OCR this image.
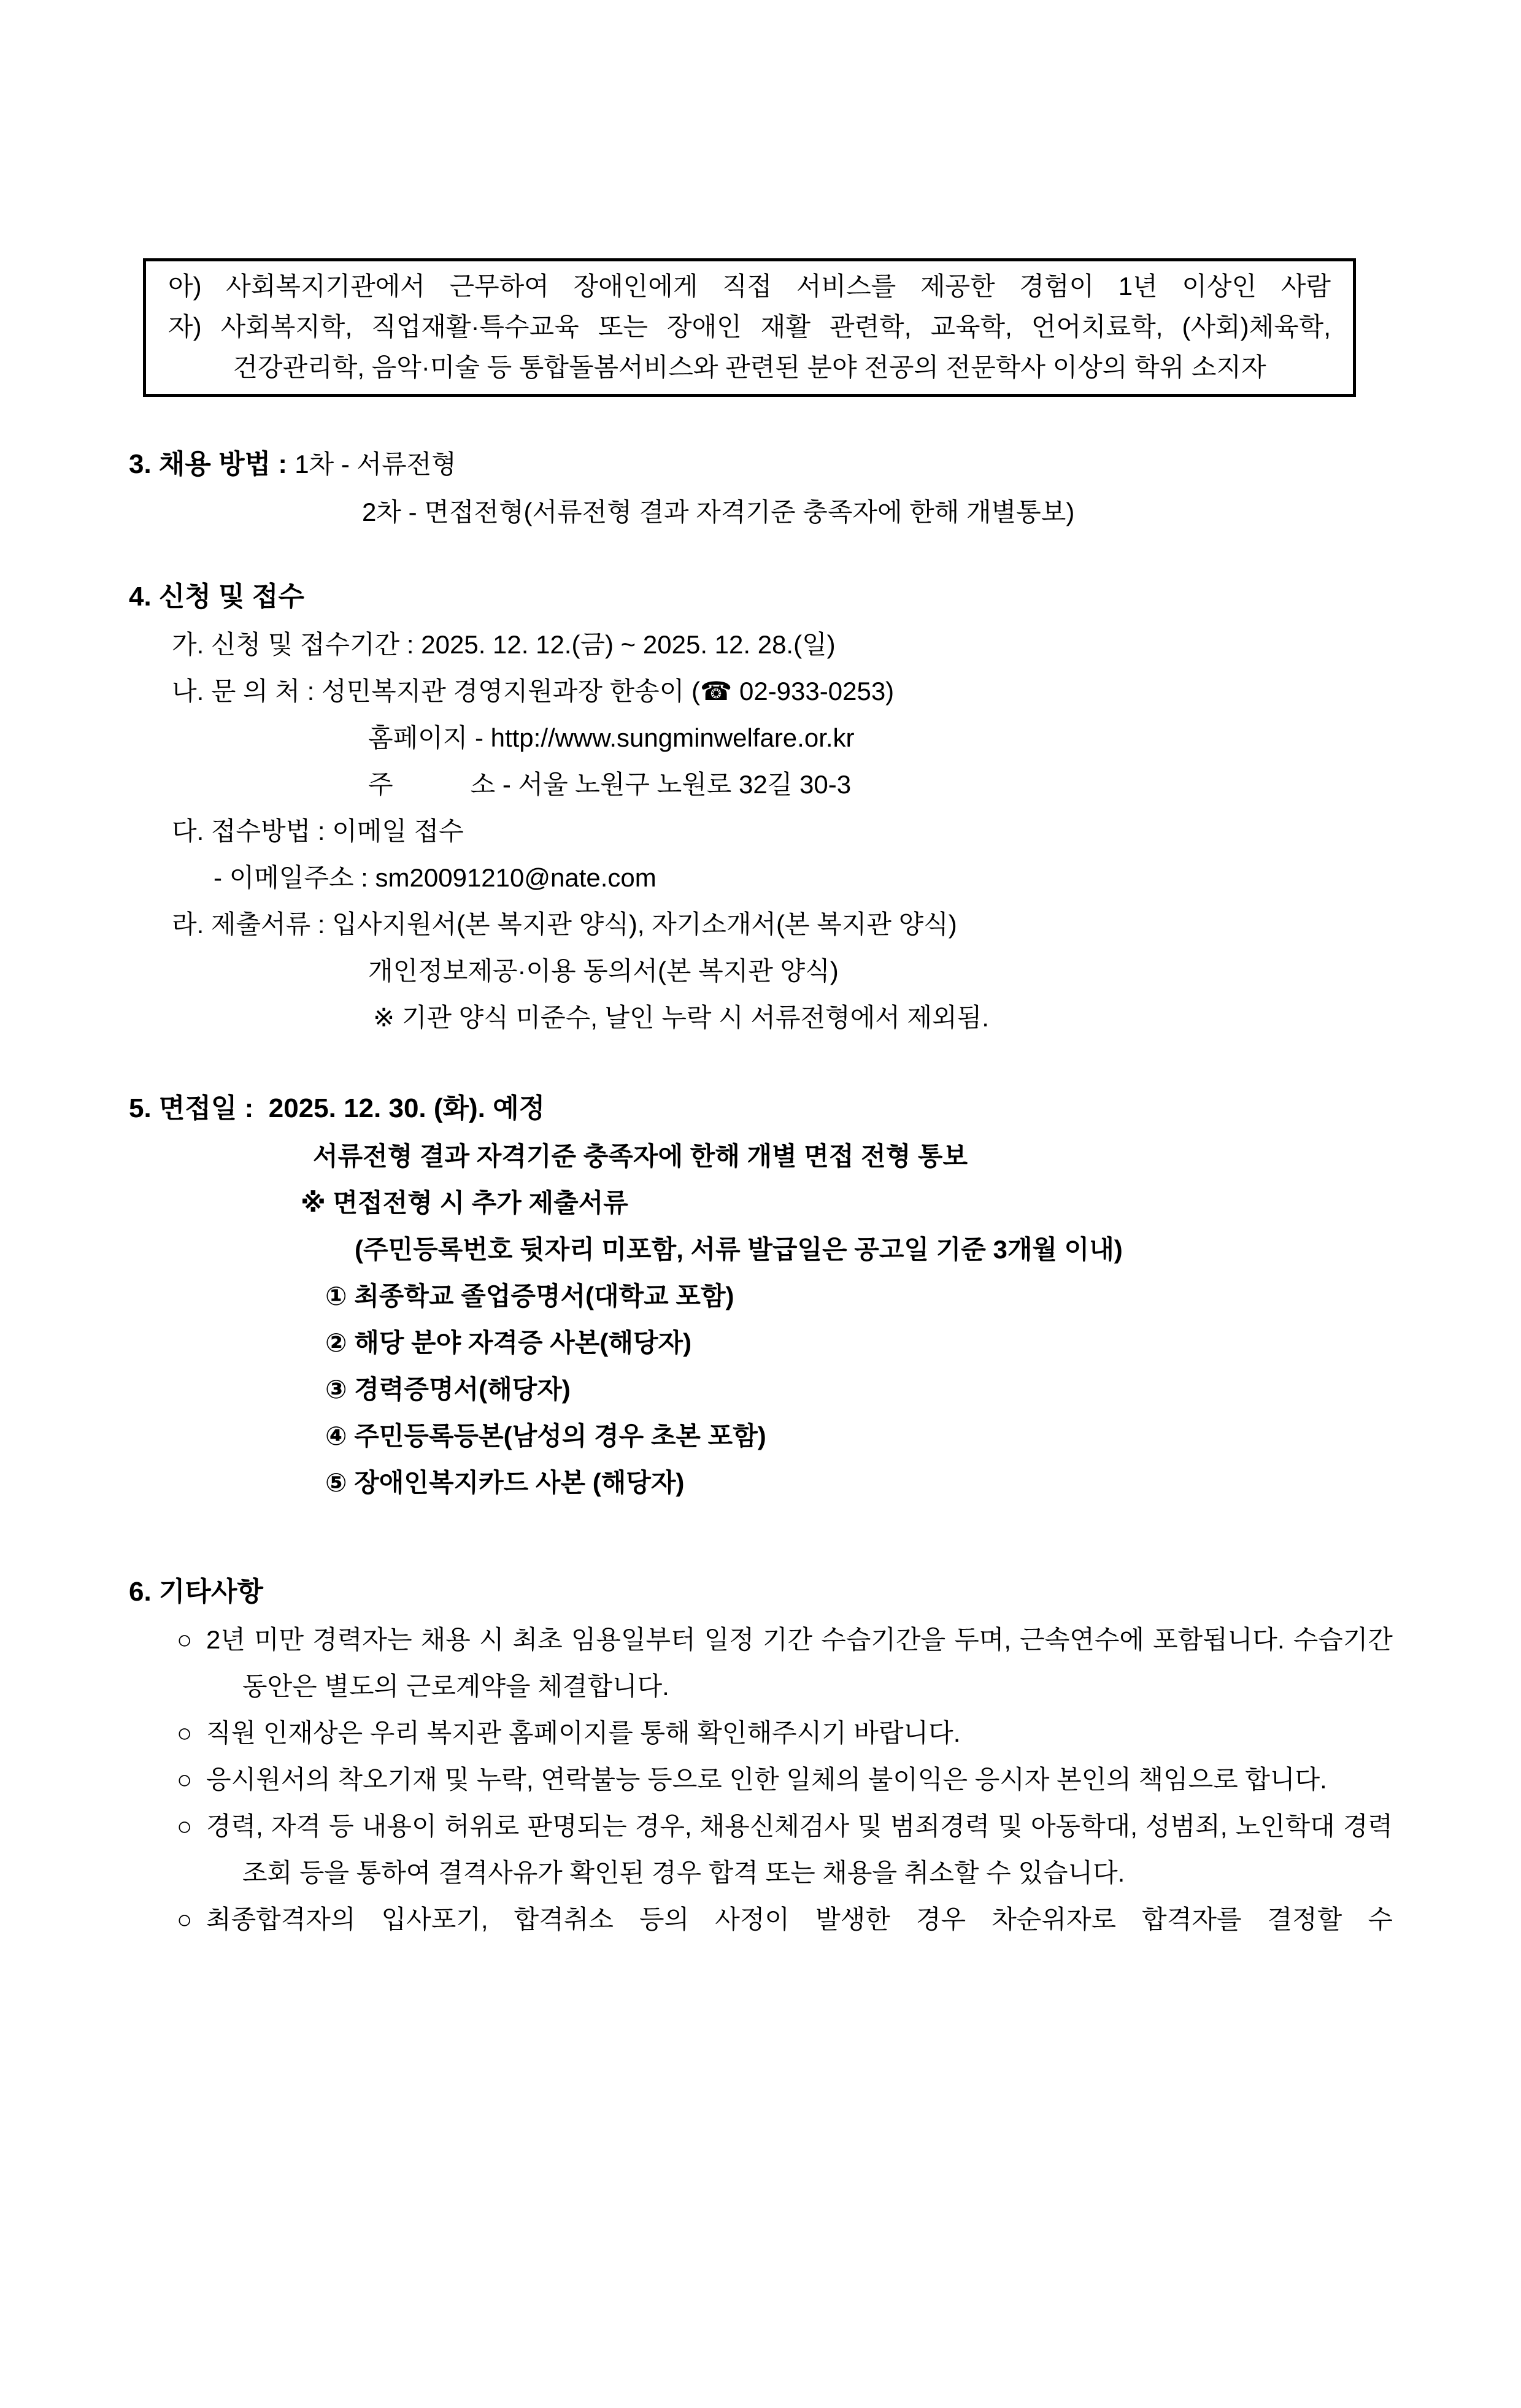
아) 사회복지기관에서 근무하여 장애인에게 직접 서비스를 제공한 경험이 1년 이상인 사람

자) 사회복지학, 직업재활·특수교육 또는 장애인 재활 관련학, 교육학, 언어치료학, (사회)체육학,

건강관리학, 음악·미술 등 통합돌봄서비스와 관련된 분야 전공의 전문학사 이상의 학위 소지자

3. 채용 방법 : 1차 - 서류전형

2차 - 면접전형(서류전형 결과 자격기준 충족자에 한해 개별통보)

4. 신청 및 접수

가. 신청 및 접수기간 : 2025. 12. 12.(금) ~ 2025. 12. 28.(일)

나. 문 의 처 : 성민복지관 경영지원과장 한송이 (☎ 02-933-0253)

홈페이지 - http://www.sungminwelfare.or.kr

주　　　소 - 서울 노원구 노원로 32길 30-3

다. 접수방법 : 이메일 접수

- 이메일주소 : sm20091210@nate.com

라. 제출서류 : 입사지원서(본 복지관 양식), 자기소개서(본 복지관 양식)

개인정보제공·이용 동의서(본 복지관 양식)

※ 기관 양식 미준수, 날인 누락 시 서류전형에서 제외됨.

5. 면접일 :  2025. 12. 30. (화). 예정

서류전형 결과 자격기준 충족자에 한해 개별 면접 전형 통보

※ 면접전형 시 추가 제출서류

(주민등록번호 뒷자리 미포함, 서류 발급일은 공고일 기준 3개월 이내)

① 최종학교 졸업증명서(대학교 포함)

② 해당 분야 자격증 사본(해당자)

③ 경력증명서(해당자)

④ 주민등록등본(남성의 경우 초본 포함)

⑤ 장애인복지카드 사본 (해당자)

6. 기타사항

○ 2년 미만 경력자는 채용 시 최초 임용일부터 일정 기간 수습기간을 두며, 근속연수에 포함됩니다. 수습기간 동안은 별도의 근로계약을 체결합니다.

○ 직원 인재상은 우리 복지관 홈페이지를 통해 확인해주시기 바랍니다.

○ 응시원서의 착오기재 및 누락, 연락불능 등으로 인한 일체의 불이익은 응시자 본인의 책임으로 합니다.

○ 경력, 자격 등 내용이 허위로 판명되는 경우, 채용신체검사 및 범죄경력 및 아동학대, 성범죄, 노인학대 경력조회 등을 통하여 결격사유가 확인된 경우 합격 또는 채용을 취소할 수 있습니다.

○ 최종합격자의 입사포기, 합격취소 등의 사정이 발생한 경우 차순위자로 합격자를 결정할 수
